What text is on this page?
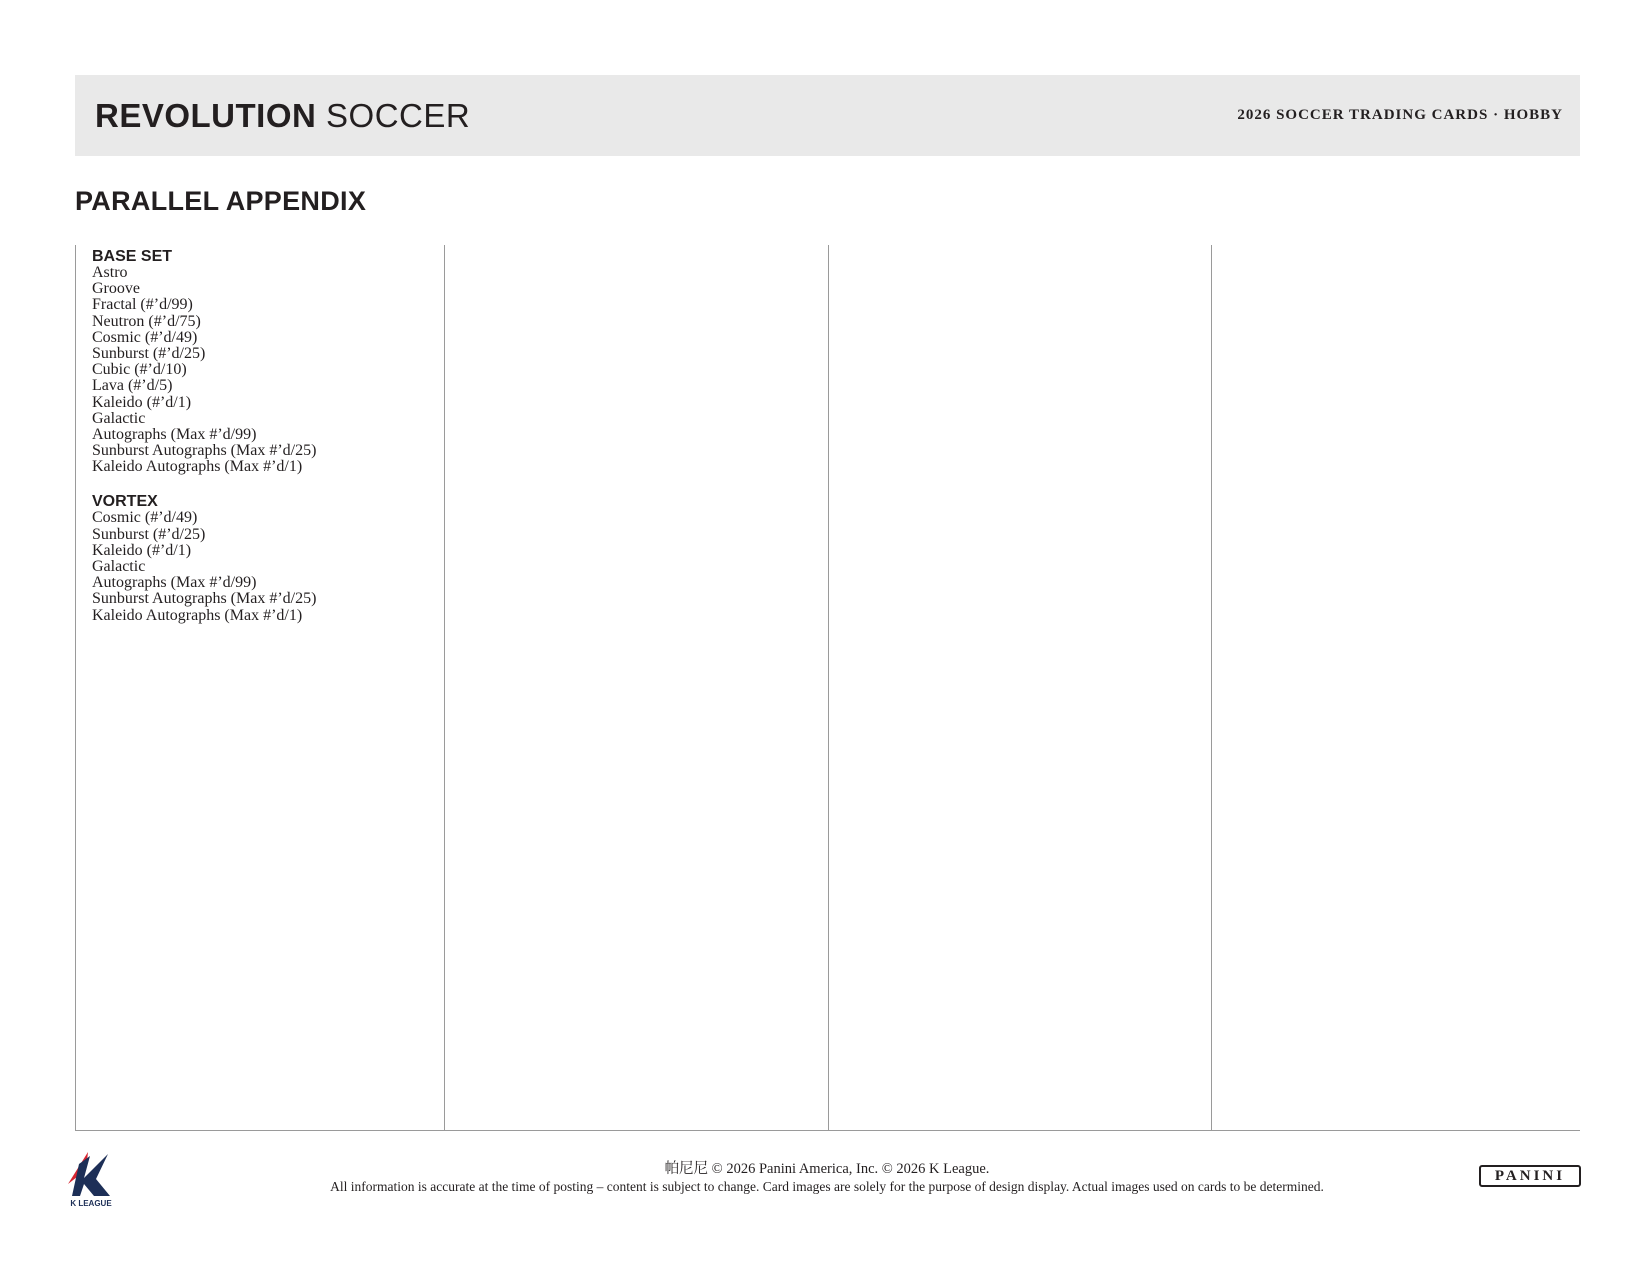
REVOLUTION SOCCER	2026 SOCCER TRADING CARDS · HOBBY
PARALLEL APPENDIX
BASE SET
Astro
Groove
Fractal (#’d/99)
Neutron (#’d/75)
Cosmic (#’d/49)
Sunburst (#’d/25)
Cubic (#’d/10)
Lava (#’d/5)
Kaleido (#’d/1)
Galactic
Autographs (Max #’d/99)
Sunburst Autographs (Max #’d/25)
Kaleido Autographs (Max #’d/1)
VORTEX
Cosmic (#’d/49)
Sunburst (#’d/25)
Kaleido (#’d/1)
Galactic
Autographs (Max #’d/99)
Sunburst Autographs (Max #’d/25)
Kaleido Autographs (Max #’d/1)
K LEAGUE
帕尼尼 © 2026 Panini America, Inc. © 2026 K League.
All information is accurate at the time of posting – content is subject to change. Card images are solely for the purpose of design display. Actual images used on cards to be determined.
PANINI
